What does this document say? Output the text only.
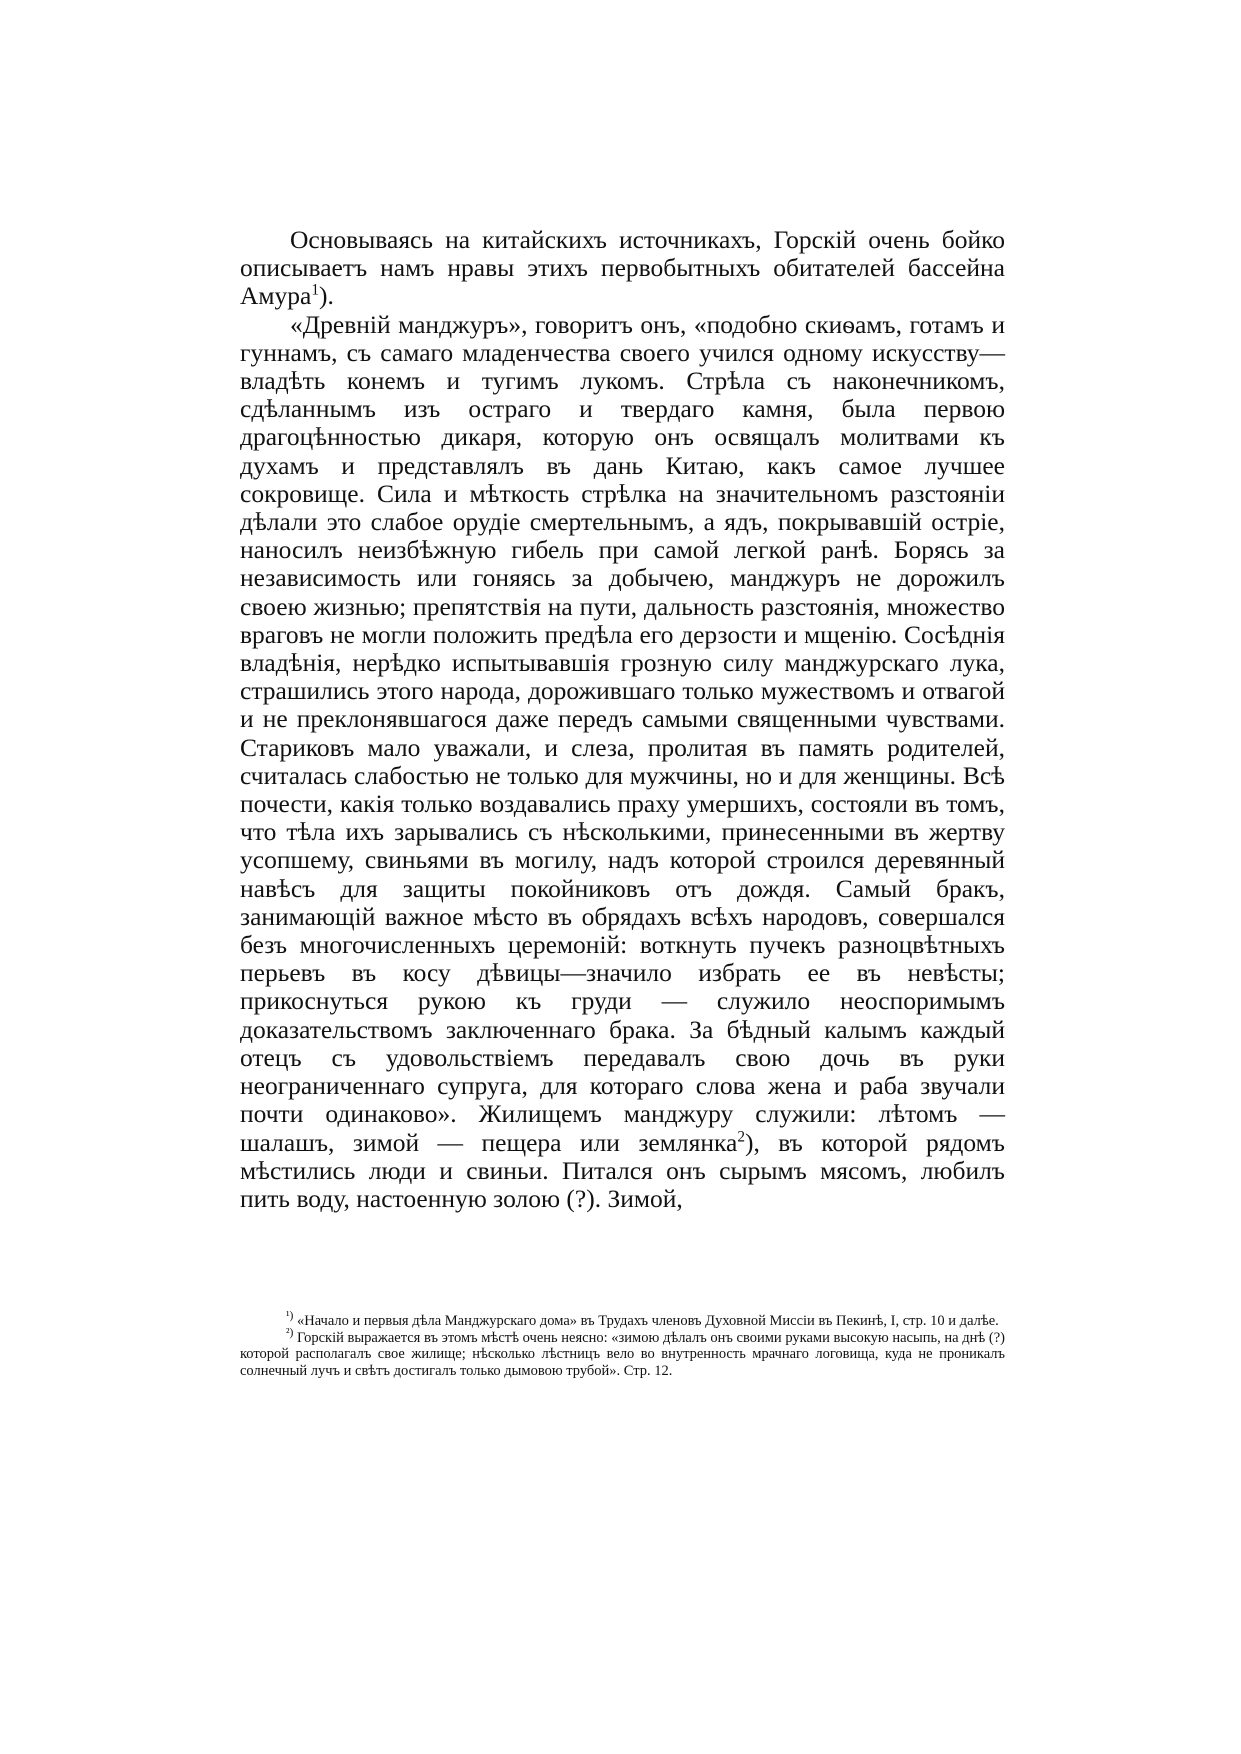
Основываясь на китайскихъ источникахъ, Горскій очень бойко описываетъ намъ нравы этихъ первобытныхъ обитателей бассейна Амура$^1$).

«Древній манджуръ», говоритъ онъ, «подобно скиѳамъ, готамъ и гуннамъ, съ самаго младенчества своего учился одному искусству—владѣть конемъ и тугимъ лукомъ. Стрѣла съ наконечникомъ, сдѣланнымъ изъ остраго и твердаго камня, была первою драгоцѣнностью дикаря, которую онъ освящалъ молитвами къ духамъ и представлялъ въ дань Китаю, какъ самое лучшее сокровище. Сила и мѣткость стрѣлка на значительномъ разстояніи дѣлали это слабое орудіе смертельнымъ, а ядъ, покрывавшій остріе, наносилъ неизбѣжную гибель при самой легкой ранѣ. Борясь за независимость или гоняясь за добычею, манджуръ не дорожилъ своею жизнью; препятствія на пути, дальность разстоянія, множество враговъ не могли положить предѣла его дерзости и мщенію. Сосѣднія владѣнія, нерѣдко испытывавшія грозную силу манджурскаго лука, страшились этого народа, дорожившаго только мужествомъ и отвагой и не преклонявшагося даже передъ самыми священными чувствами. Стариковъ мало уважали, и слеза, пролитая въ память родителей, считалась слабостью не только для мужчины, но и для женщины. Всѣ почести, какія только воздавались праху умершихъ, состояли въ томъ, что тѣла ихъ зарывались съ нѣсколькими, принесенными въ жертву усопшему, свиньями въ могилу, надъ которой строился деревянный навѣсъ для защиты покойниковъ отъ дождя. Самый бракъ, занимающій важное мѣсто въ обрядахъ всѣхъ народовъ, совершался безъ многочисленныхъ церемоній: воткнуть пучекъ разноцвѣтныхъ перьевъ въ косу дѣвицы—значило избрать ее въ невѣсты; прикоснуться рукою къ груди — служило неоспоримымъ доказательствомъ заключеннаго брака. За бѣдный калымъ каждый отецъ съ удовольствіемъ передавалъ свою дочь въ руки неограниченнаго супруга, для котораго слова жена и раба звучали почти одинаково». Жилищемъ манджуру служили: лѣтомъ — шалашъ, зимой — пещера или землянка$^2$), въ которой рядомъ мѣстились люди и свиньи. Питался онъ сырымъ мясомъ, любилъ пить воду, настоенную золою (?). Зимой,

$^{^1)}$ «Начало и первыя дѣла Манджурскаго дома» въ Трудахъ членовъ Духовной Миссіи въ Пекинѣ, I, стр. 10 и далѣе.

$^{^2)}$ Горскій выражается въ этомъ мѣстѣ очень неясно: «зимою дѣлалъ онъ своими руками высокую насыпь, на днѣ (?) которой располагалъ свое жилище; нѣсколько лѣстницъ вело во внутренность мрачнаго логовища, куда не проникалъ солнечный лучъ и свѣтъ достигалъ только дымовою трубой». Стр. 12.
